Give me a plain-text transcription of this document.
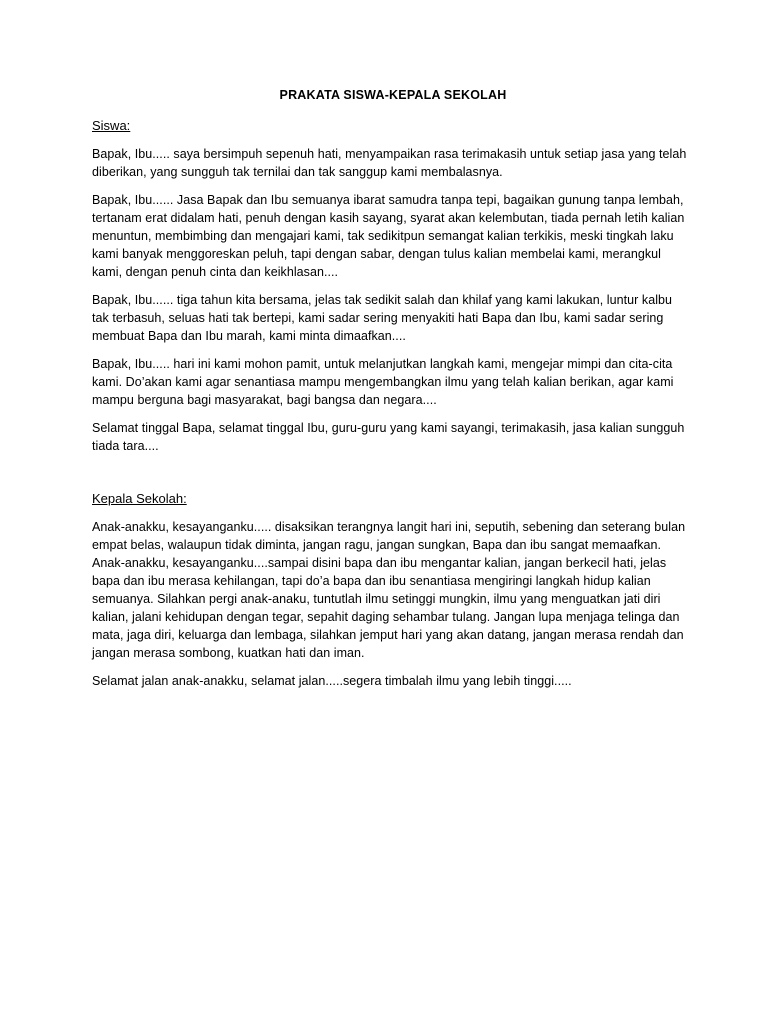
PRAKATA SISWA-KEPALA SEKOLAH
Siswa:

Bapak, Ibu..... saya bersimpuh sepenuh hati, menyampaikan rasa terimakasih untuk setiap jasa yang telah diberikan, yang sungguh tak ternilai dan tak sanggup kami membalasnya.

Bapak, Ibu...... Jasa Bapak dan Ibu semuanya ibarat samudra tanpa tepi, bagaikan gunung tanpa lembah, tertanam erat didalam hati, penuh dengan kasih sayang, syarat akan kelembutan, tiada pernah letih kalian menuntun, membimbing dan mengajari kami, tak sedikitpun semangat kalian terkikis, meski tingkah laku kami banyak menggoreskan peluh, tapi dengan sabar, dengan tulus kalian membelai kami, merangkul kami, dengan penuh cinta dan keikhlasan....

Bapak, Ibu...... tiga tahun kita bersama, jelas tak sedikit salah dan khilaf yang kami lakukan, luntur kalbu tak terbasuh, seluas hati tak bertepi, kami sadar sering menyakiti hati Bapa dan Ibu, kami sadar sering membuat Bapa dan Ibu marah, kami minta dimaafkan....

Bapak, Ibu..... hari ini kami mohon pamit, untuk melanjutkan langkah kami, mengejar mimpi dan cita-cita kami. Do’akan kami agar senantiasa mampu mengembangkan ilmu yang telah kalian berikan, agar kami mampu berguna bagi masyarakat, bagi bangsa dan negara....

Selamat tinggal Bapa, selamat tinggal Ibu, guru-guru yang kami sayangi, terimakasih, jasa kalian sungguh tiada tara....

Kepala Sekolah:

Anak-anakku, kesayanganku..... disaksikan terangnya langit hari ini, seputih, sebening dan seterang bulan empat belas, walaupun tidak diminta, jangan ragu, jangan sungkan, Bapa dan ibu sangat memaafkan. Anak-anakku, kesayanganku....sampai disini bapa dan ibu mengantar kalian, jangan berkecil hati, jelas bapa dan ibu merasa kehilangan, tapi do’a bapa dan ibu senantiasa mengiringi langkah hidup kalian semuanya. Silahkan pergi anak-anaku, tuntutlah ilmu setinggi mungkin, ilmu yang menguatkan jati diri kalian, jalani kehidupan dengan tegar, sepahit daging sehambar tulang. Jangan lupa menjaga telinga dan mata, jaga diri, keluarga dan lembaga, silahkan jemput hari yang akan datang, jangan merasa rendah dan jangan merasa sombong, kuatkan hati dan iman.

Selamat jalan anak-anakku, selamat jalan.....segera timbalah ilmu yang lebih tinggi.....
